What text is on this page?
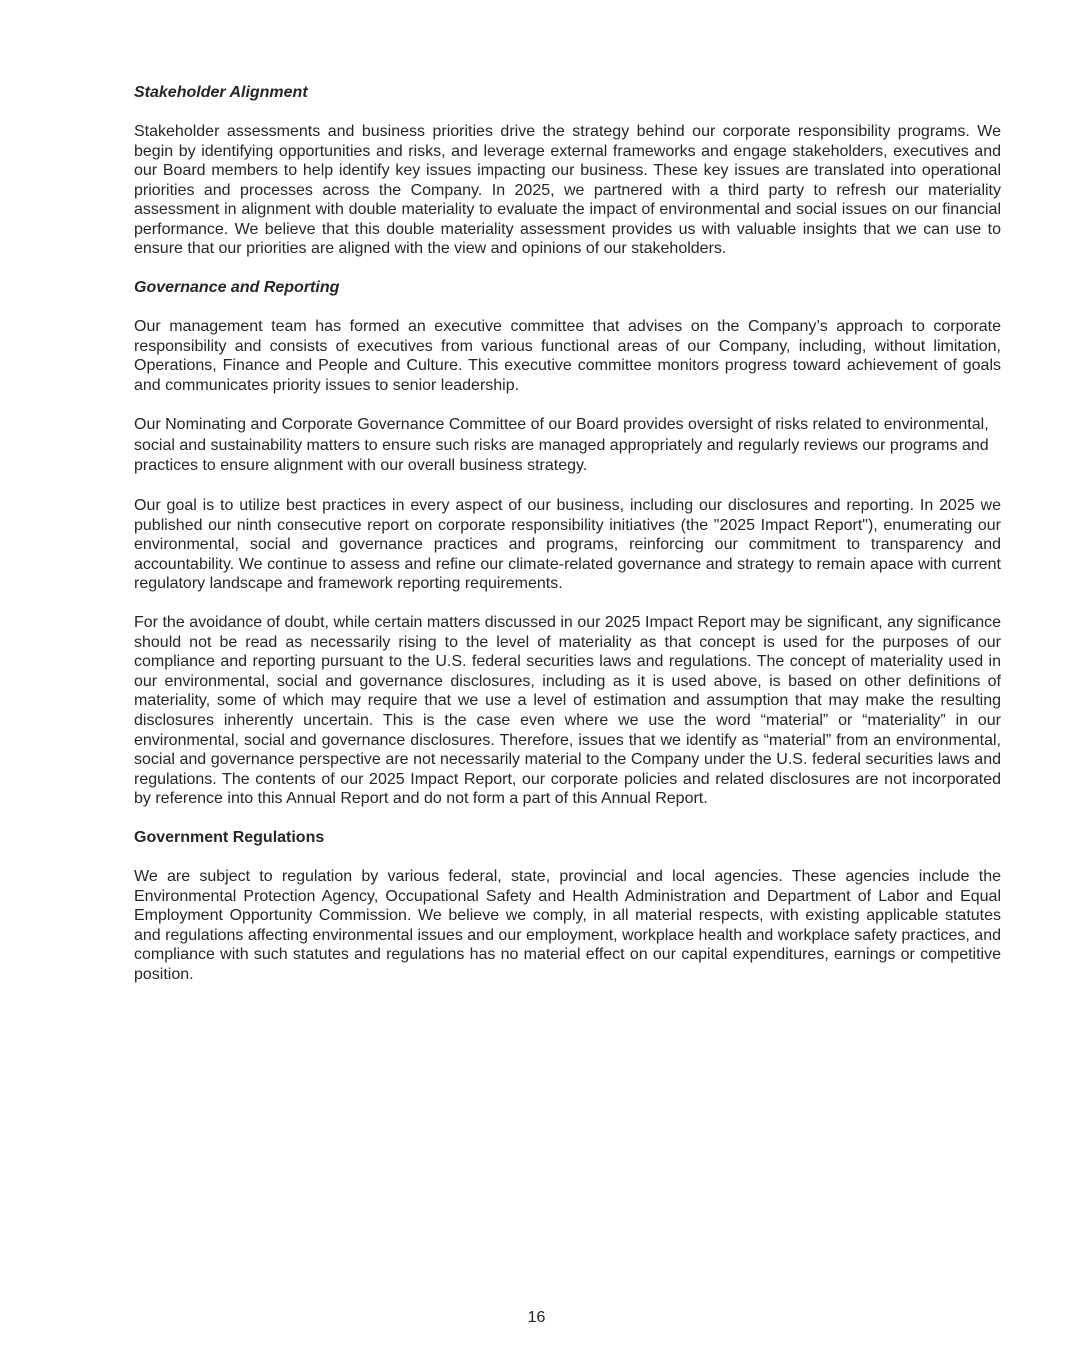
Stakeholder Alignment

Stakeholder assessments and business priorities drive the strategy behind our corporate responsibility programs. We begin by identifying opportunities and risks, and leverage external frameworks and engage stakeholders, executives and our Board members to help identify key issues impacting our business. These key issues are translated into operational priorities and processes across the Company. In 2025, we partnered with a third party to refresh our materiality assessment in alignment with double materiality to evaluate the impact of environmental and social issues on our financial performance. We believe that this double materiality assessment provides us with valuable insights that we can use to ensure that our priorities are aligned with the view and opinions of our stakeholders.

Governance and Reporting

Our management team has formed an executive committee that advises on the Company’s approach to corporate responsibility and consists of executives from various functional areas of our Company, including, without limitation, Operations, Finance and People and Culture. This executive committee monitors progress toward achievement of goals and communicates priority issues to senior leadership.

Our Nominating and Corporate Governance Committee of our Board provides oversight of risks related to environmental, social and sustainability matters to ensure such risks are managed appropriately and regularly reviews our programs and practices to ensure alignment with our overall business strategy.

Our goal is to utilize best practices in every aspect of our business, including our disclosures and reporting. In 2025 we published our ninth consecutive report on corporate responsibility initiatives (the "2025 Impact Report"), enumerating our environmental, social and governance practices and programs, reinforcing our commitment to transparency and accountability. We continue to assess and refine our climate-related governance and strategy to remain apace with current regulatory landscape and framework reporting requirements.

For the avoidance of doubt, while certain matters discussed in our 2025 Impact Report may be significant, any significance should not be read as necessarily rising to the level of materiality as that concept is used for the purposes of our compliance and reporting pursuant to the U.S. federal securities laws and regulations. The concept of materiality used in our environmental, social and governance disclosures, including as it is used above, is based on other definitions of materiality, some of which may require that we use a level of estimation and assumption that may make the resulting disclosures inherently uncertain. This is the case even where we use the word “material” or “materiality” in our environmental, social and governance disclosures. Therefore, issues that we identify as “material” from an environmental, social and governance perspective are not necessarily material to the Company under the U.S. federal securities laws and regulations. The contents of our 2025 Impact Report, our corporate policies and related disclosures are not incorporated by reference into this Annual Report and do not form a part of this Annual Report.

Government Regulations

We are subject to regulation by various federal, state, provincial and local agencies. These agencies include the Environmental Protection Agency, Occupational Safety and Health Administration and Department of Labor and Equal Employment Opportunity Commission. We believe we comply, in all material respects, with existing applicable statutes and regulations affecting environmental issues and our employment, workplace health and workplace safety practices, and compliance with such statutes and regulations has no material effect on our capital expenditures, earnings or competitive position.

16
